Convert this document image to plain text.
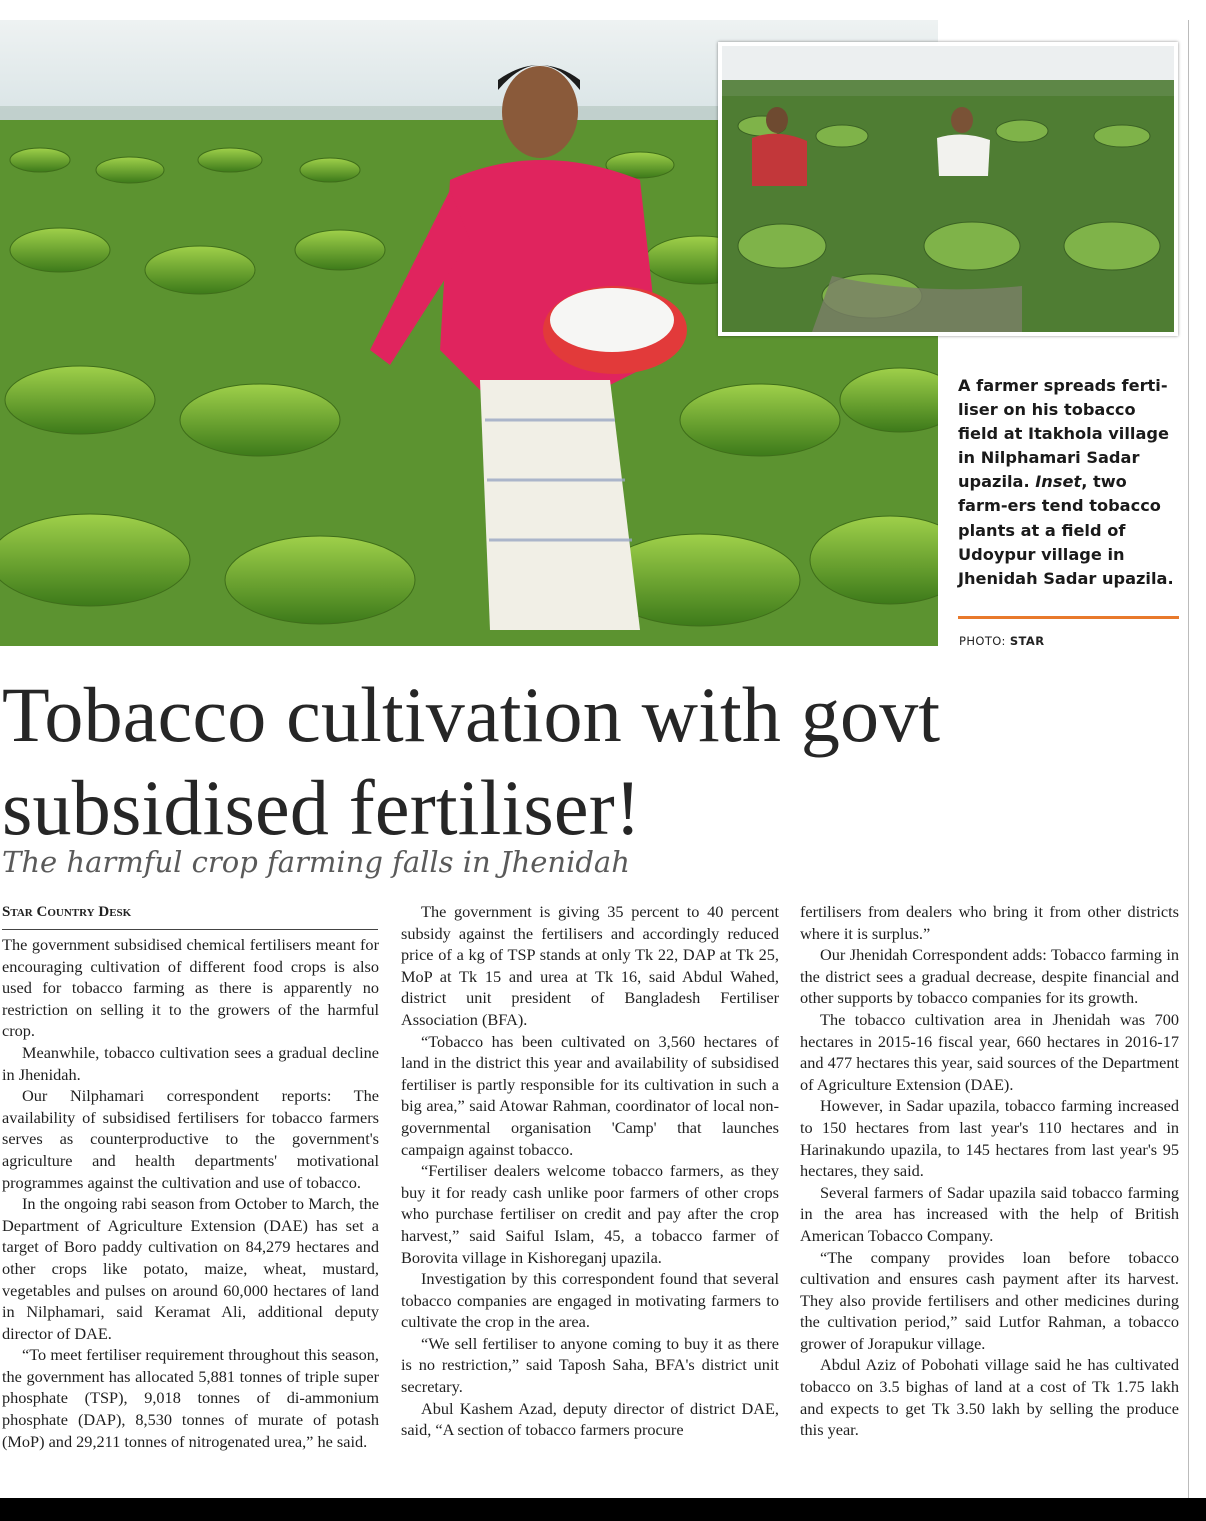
A farmer spreads ferti-liser on his tobacco field at Itakhola village in Nilphamari Sadar upazila. Inset, two farm-ers tend tobacco plants at a field of Udoypur village in Jhenidah Sadar upazila.

PHOTO: STAR
Tobacco cultivation with govt subsidised fertiliser!
The harmful crop farming falls in Jhenidah
Star Country Desk

The government subsidised chemical fertilisers meant for encouraging cultivation of different food crops is also used for tobacco farming as there is apparently no restriction on selling it to the growers of the harmful crop.

Meanwhile, tobacco cultivation sees a gradual decline in Jhenidah.

Our Nilphamari correspondent reports: The availability of subsidised fertilisers for tobacco farmers serves as counterproductive to the government's agriculture and health departments' motivational programmes against the cultivation and use of tobacco.

In the ongoing rabi season from October to March, the Department of Agriculture Extension (DAE) has set a target of Boro paddy cultivation on 84,279 hectares and other crops like potato, maize, wheat, mustard, vegetables and pulses on around 60,000 hectares of land in Nilphamari, said Keramat Ali, additional deputy director of DAE.

“To meet fertiliser requirement throughout this season, the government has allocated 5,881 tonnes of triple super phosphate (TSP), 9,018 tonnes of di-ammonium phosphate (DAP), 8,530 tonnes of murate of potash (MoP) and 29,211 tonnes of nitrogenated urea,” he said.

The government is giving 35 percent to 40 percent subsidy against the fertilisers and accordingly reduced price of a kg of TSP stands at only Tk 22, DAP at Tk 25, MoP at Tk 15 and urea at Tk 16, said Abdul Wahed, district unit president of Bangladesh Fertiliser Association (BFA).

“Tobacco has been cultivated on 3,560 hectares of land in the district this year and availability of subsidised fertiliser is partly responsible for its cultivation in such a big area,” said Atowar Rahman, coordinator of local non-governmental organisation 'Camp' that launches campaign against tobacco.

“Fertiliser dealers welcome tobacco farmers, as they buy it for ready cash unlike poor farmers of other crops who purchase fertiliser on credit and pay after the crop harvest,” said Saiful Islam, 45, a tobacco farmer of Borovita village in Kishoreganj upazila.

Investigation by this correspondent found that several tobacco companies are engaged in motivating farmers to cultivate the crop in the area.

“We sell fertiliser to anyone coming to buy it as there is no restriction,” said Taposh Saha, BFA's district unit secretary.

Abul Kashem Azad, deputy director of district DAE, said, “A section of tobacco farmers procure

fertilisers from dealers who bring it from other districts where it is surplus.”

Our Jhenidah Correspondent adds: Tobacco farming in the district sees a gradual decrease, despite financial and other supports by tobacco companies for its growth.

The tobacco cultivation area in Jhenidah was 700 hectares in 2015-16 fiscal year, 660 hectares in 2016-17 and 477 hectares this year, said sources of the Department of Agriculture Extension (DAE).

However, in Sadar upazila, tobacco farming increased to 150 hectares from last year's 110 hectares and in Harinakundo upazila, to 145 hectares from last year's 95 hectares, they said.

Several farmers of Sadar upazila said tobacco farming in the area has increased with the help of British American Tobacco Company.

“The company provides loan before tobacco cultivation and ensures cash payment after its harvest. They also provide fertilisers and other medicines during the cultivation period,” said Lutfor Rahman, a tobacco grower of Jorapukur village.

Abdul Aziz of Pobohati village said he has cultivated tobacco on 3.5 bighas of land at a cost of Tk 1.75 lakh and expects to get Tk 3.50 lakh by selling the produce this year.
